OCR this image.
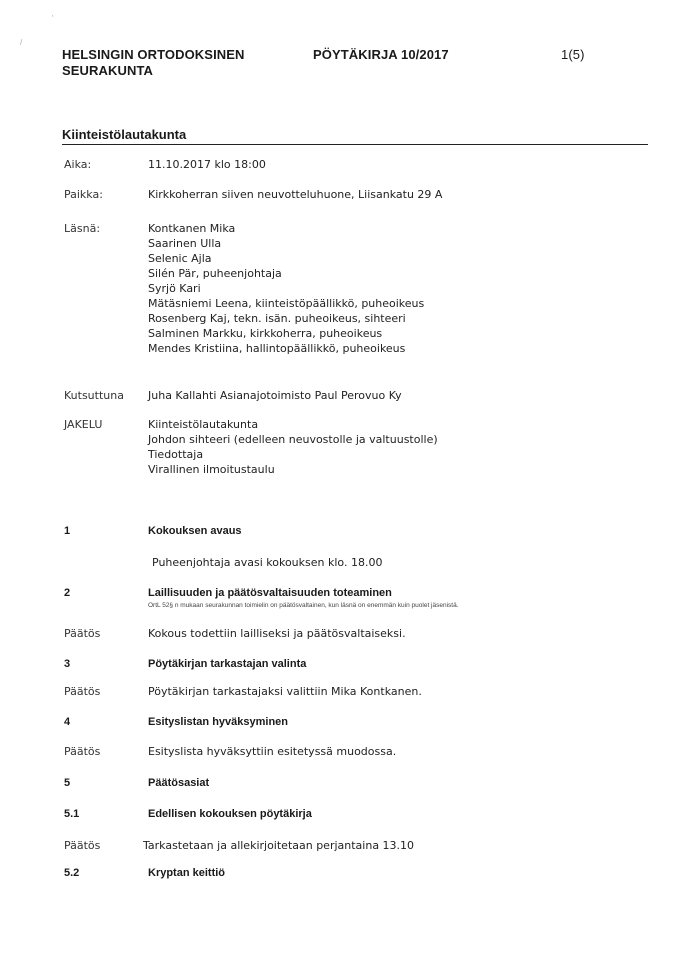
'
/
HELSINGIN ORTODOKSINEN
SEURAKUNTA
PÖYTÄKIRJA 10/2017	1(5)
Kiinteistölautakunta
Aika:	11.10.2017 klo 18:00
Paikka:	Kirkkoherran siiven neuvotteluhuone, Liisankatu 29 A
Läsnä:	Kontkanen Mika
Saarinen Ulla
Selenic Ajla
Silén Pär, puheenjohtaja
Syrjö Kari
Mätäsniemi Leena, kiinteistöpäällikkö, puheoikeus
Rosenberg Kaj, tekn. isän. puheoikeus, sihteeri
Salminen Markku, kirkkoherra, puheoikeus
Mendes Kristiina, hallintopäällikkö, puheoikeus
Kutsuttuna Juha Kallahti Asianajotoimisto Paul Perovuo Ky
JAKELU	Kiinteistölautakunta
Johdon sihteeri (edelleen neuvostolle ja valtuustolle)
Tiedottaja
Virallinen ilmoitustaulu
1	Kokouksen avaus
Puheenjohtaja avasi kokouksen klo. 18.00
2	Laillisuuden ja päätösvaltaisuuden toteaminen
OrtL 52§ n mukaan seurakunnan toimielin on päätösvaltainen, kun läsnä on enemmän kuin puolet jäsenistä.
Päätös	Kokous todettiin lailliseksi ja päätösvaltaiseksi.
3	Pöytäkirjan tarkastajan valinta
Päätös	Pöytäkirjan tarkastajaksi valittiin Mika Kontkanen.
4	Esityslistan hyväksyminen
Päätös	Esityslista hyväksyttiin esitetyssä muodossa.
5	Päätösasiat
5.1	Edellisen kokouksen pöytäkirja
Päätös	Tarkastetaan ja allekirjoitetaan perjantaina 13.10
5.2	Kryptan keittiö
